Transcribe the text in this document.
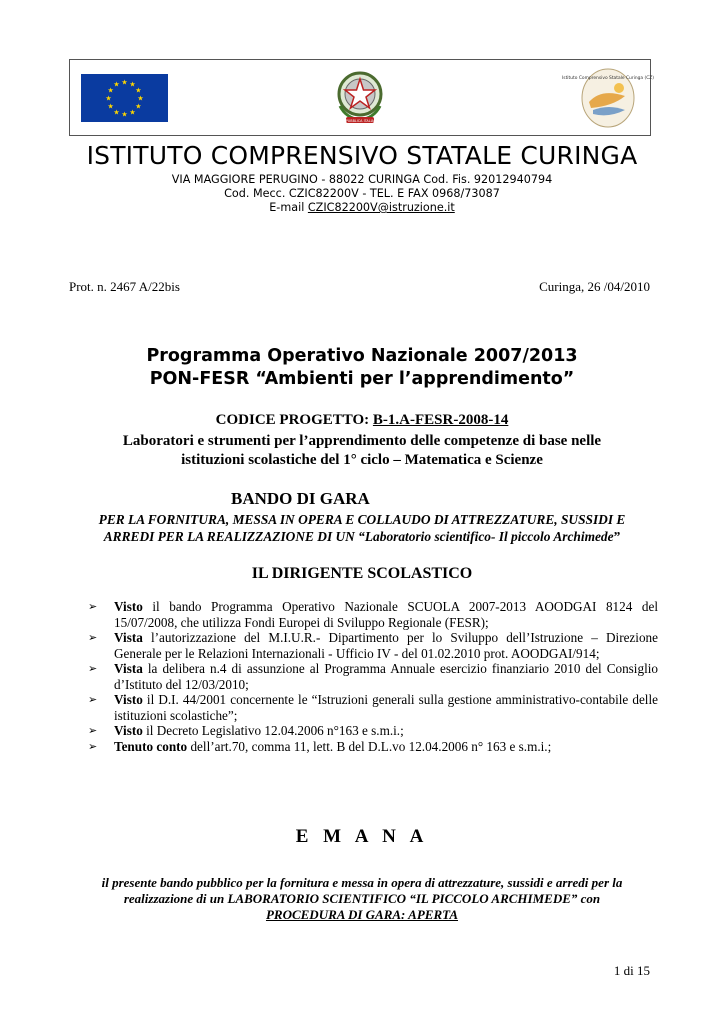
★ ★
★
★
★
★
★
★
★
★
★
★
REPUBBLICA ITALIANA
Istituto Comprensivo Statale Curinga (CZ)
ISTITUTO COMPRENSIVO STATALE CURINGA
VIA MAGGIORE PERUGINO - 88022 CURINGA Cod. Fis. 92012940794
Cod. Mecc. CZIC82200V - TEL. E FAX 0968/73087
E-mail CZIC82200V@istruzione.it
Prot. n. 2467 A/22bis	Curinga, 26 /04/2010
Programma Operativo Nazionale 2007/2013
PON-FESR “Ambienti per l’apprendimento”
CODICE PROGETTO: B-1.A-FESR-2008-14
Laboratori e strumenti per l’apprendimento delle competenze di base nelle
istituzioni scolastiche del 1° ciclo – Matematica e Scienze
BANDO DI GARA
PER LA FORNITURA, MESSA IN OPERA E COLLAUDO DI ATTREZZATURE, SUSSIDI E
ARREDI PER LA REALIZZAZIONE DI UN “Laboratorio scientifico- Il piccolo Archimede”
IL DIRIGENTE SCOLASTICO
➢ Visto il bando Programma Operativo Nazionale SCUOLA 2007-2013 AOODGAI 8124 del 15/07/2008, che utilizza Fondi Europei di Sviluppo Regionale (FESR);
➢ Vista l’autorizzazione del M.I.U.R.- Dipartimento per lo Sviluppo dell’Istruzione – Direzione Generale per le Relazioni Internazionali - Ufficio IV - del 01.02.2010 prot. AOODGAI/914;
➢ Vista la delibera n.4 di assunzione al Programma Annuale esercizio finanziario 2010 del Consiglio d’Istituto del 12/03/2010;
➢ Visto il D.I. 44/2001 concernente le “Istruzioni generali sulla gestione amministrativo-contabile delle istituzioni scolastiche”;
➢ Visto il Decreto Legislativo 12.04.2006 n°163 e s.m.i.;
➢ Tenuto conto dell’art.70, comma 11, lett. B del D.L.vo 12.04.2006 n° 163 e s.m.i.;
E M A N A
il presente bando pubblico per la fornitura e messa in opera di attrezzature, sussidi e arredi per la
realizzazione di un LABORATORIO SCIENTIFICO “IL PICCOLO ARCHIMEDE” con
PROCEDURA DI GARA: APERTA
1 di 15
